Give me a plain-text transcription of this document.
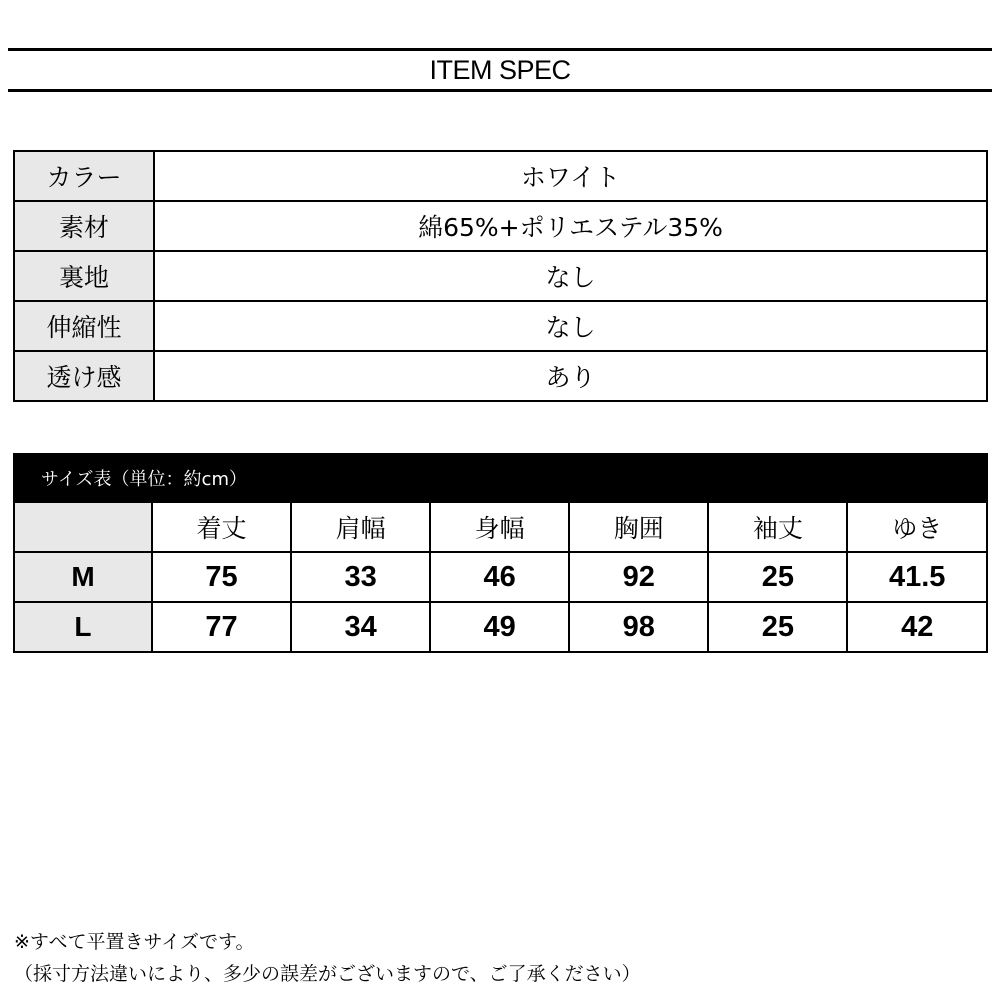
ITEM SPEC
カラー	ホワイト
素材	綿65%+ポリエステル35%
裏地	なし
伸縮性	なし
透け感	あり
サイズ表（単位：約cm）						
	着丈	肩幅	身幅	胸囲	袖丈	ゆき
M	75	33	46	92	25	41.5
L	77	34	49	98	25	42
※すべて平置きサイズです。
（採寸方法違いにより、多少の誤差がございますので、ご了承ください）
